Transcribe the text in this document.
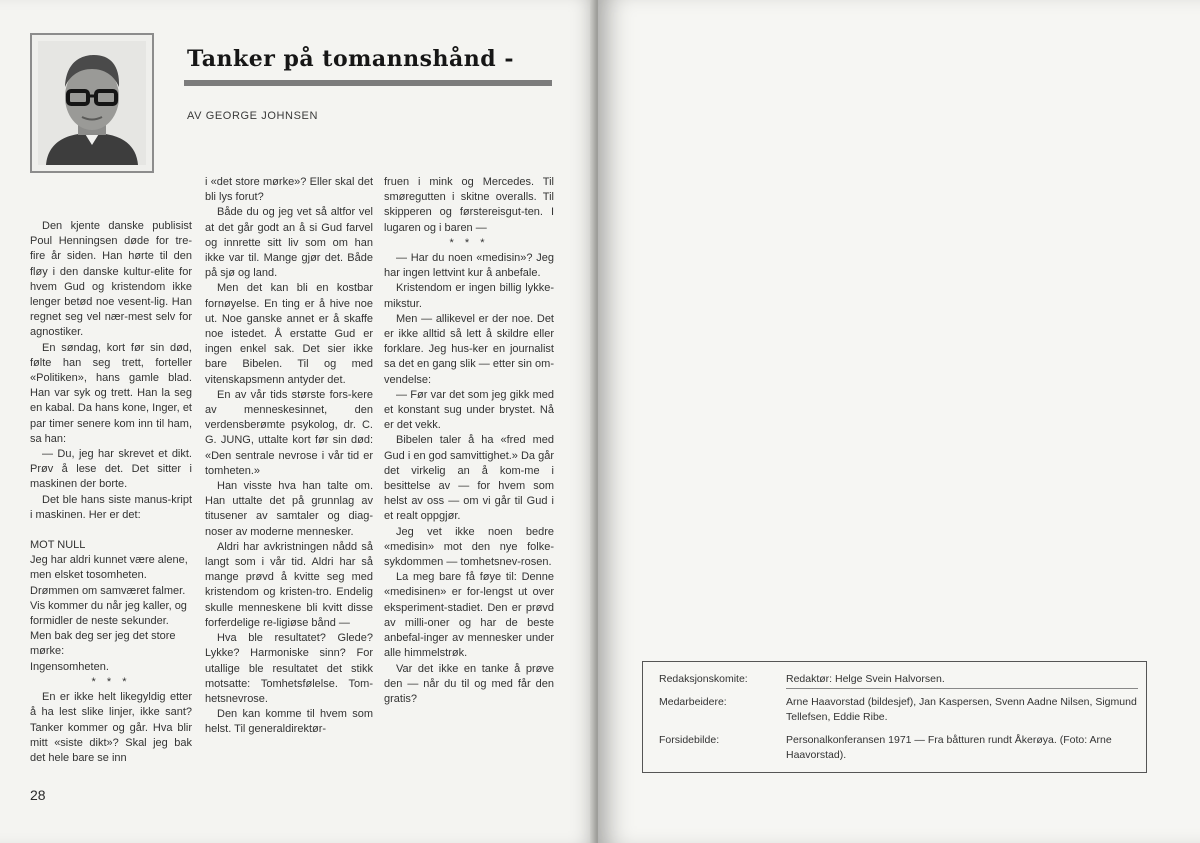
Tanker på tomannshånd -
AV GEORGE JOHNSEN

Den kjente danske publisist Poul Henningsen døde for tre-fire år siden. Han hørte til den fløy i den danske kultur-elite for hvem Gud og kristendom ikke lenger betød noe vesent-lig. Han regnet seg vel nær-mest selv for agnostiker.

En søndag, kort før sin død, følte han seg trett, forteller «Politiken», hans gamle blad. Han var syk og trett. Han la seg en kabal. Da hans kone, Inger, et par timer senere kom inn til ham, sa han:

— Du, jeg har skrevet et dikt. Prøv å lese det. Det sitter i maskinen der borte.

Det ble hans siste manus-kript i maskinen. Her er det:

MOT NULL

Jeg har aldri kunnet være alene, men elsket tosomheten.

Drømmen om samværet falmer.

Vis kommer du når jeg kaller, og formidler de neste sekunder.

Men bak deg ser jeg det store mørke:

Ingensomheten.

* * *

En er ikke helt likegyldig etter å ha lest slike linjer, ikke sant? Tanker kommer og går. Hva blir mitt «siste dikt»? Skal jeg bak det hele bare se inn

i «det store mørke»? Eller skal det bli lys forut?

Både du og jeg vet så altfor vel at det går godt an å si Gud farvel og innrette sitt liv som om han ikke var til. Mange gjør det. Både på sjø og land.

Men det kan bli en kostbar fornøyelse. En ting er å hive noe ut. Noe ganske annet er å skaffe noe istedet. Å erstatte Gud er ingen enkel sak. Det sier ikke bare Bibelen. Til og med vitenskapsmenn antyder det.

En av vår tids største fors-kere av menneskesinnet, den verdensberømte psykolog, dr. C. G. JUNG, uttalte kort før sin død: «Den sentrale nevrose i vår tid er tomheten.»

Han visste hva han talte om. Han uttalte det på grunnlag av titusener av samtaler og diag-noser av moderne mennesker.

Aldri har avkristningen nådd så langt som i vår tid. Aldri har så mange prøvd å kvitte seg med kristendom og kristen-tro. Endelig skulle menneskene bli kvitt disse forferdelige re-ligiøse bånd —

Hva ble resultatet? Glede? Lykke? Harmoniske sinn? For utallige ble resultatet det stikk motsatte: Tomhetsfølelse. Tom-hetsnevrose.

Den kan komme til hvem som helst. Til generaldirektør-

fruen i mink og Mercedes. Til smøregutten i skitne overalls. Til skipperen og førstereisgut-ten. I lugaren og i baren —

* * *

— Har du noen «medisin»? Jeg har ingen lettvint kur å anbefale.

Kristendom er ingen billig lykke-mikstur.

Men — allikevel er der noe. Det er ikke alltid så lett å skildre eller forklare. Jeg hus-ker en journalist sa det en gang slik — etter sin om-vendelse:

— Før var det som jeg gikk med et konstant sug under brystet. Nå er det vekk.

Bibelen taler å ha «fred med Gud i en god samvittighet.» Da går det virkelig an å kom-me i besittelse av — for hvem som helst av oss — om vi går til Gud i et realt oppgjør.

Jeg vet ikke noen bedre «medisin» mot den nye folke-sykdommen — tomhetsnev-rosen.

La meg bare få føye til: Denne «medisinen» er for-lengst ut over eksperiment-stadiet. Den er prøvd av milli-oner og har de beste anbefal-inger av mennesker under alle himmelstrøk.

Var det ikke en tanke å prøve den — når du til og med får den gratis?

28
Redaksjonskomite:	Redaktør: Helge Svein Halvorsen.
Medarbeidere:	Arne Haavorstad (bildesjef), Jan Kaspersen, Svenn Aadne Nilsen, Sigmund Tellefsen, Eddie Ribe.
Forsidebilde:	Personalkonferansen 1971 — Fra båtturen rundt Åkerøya. (Foto: Arne Haavorstad).
